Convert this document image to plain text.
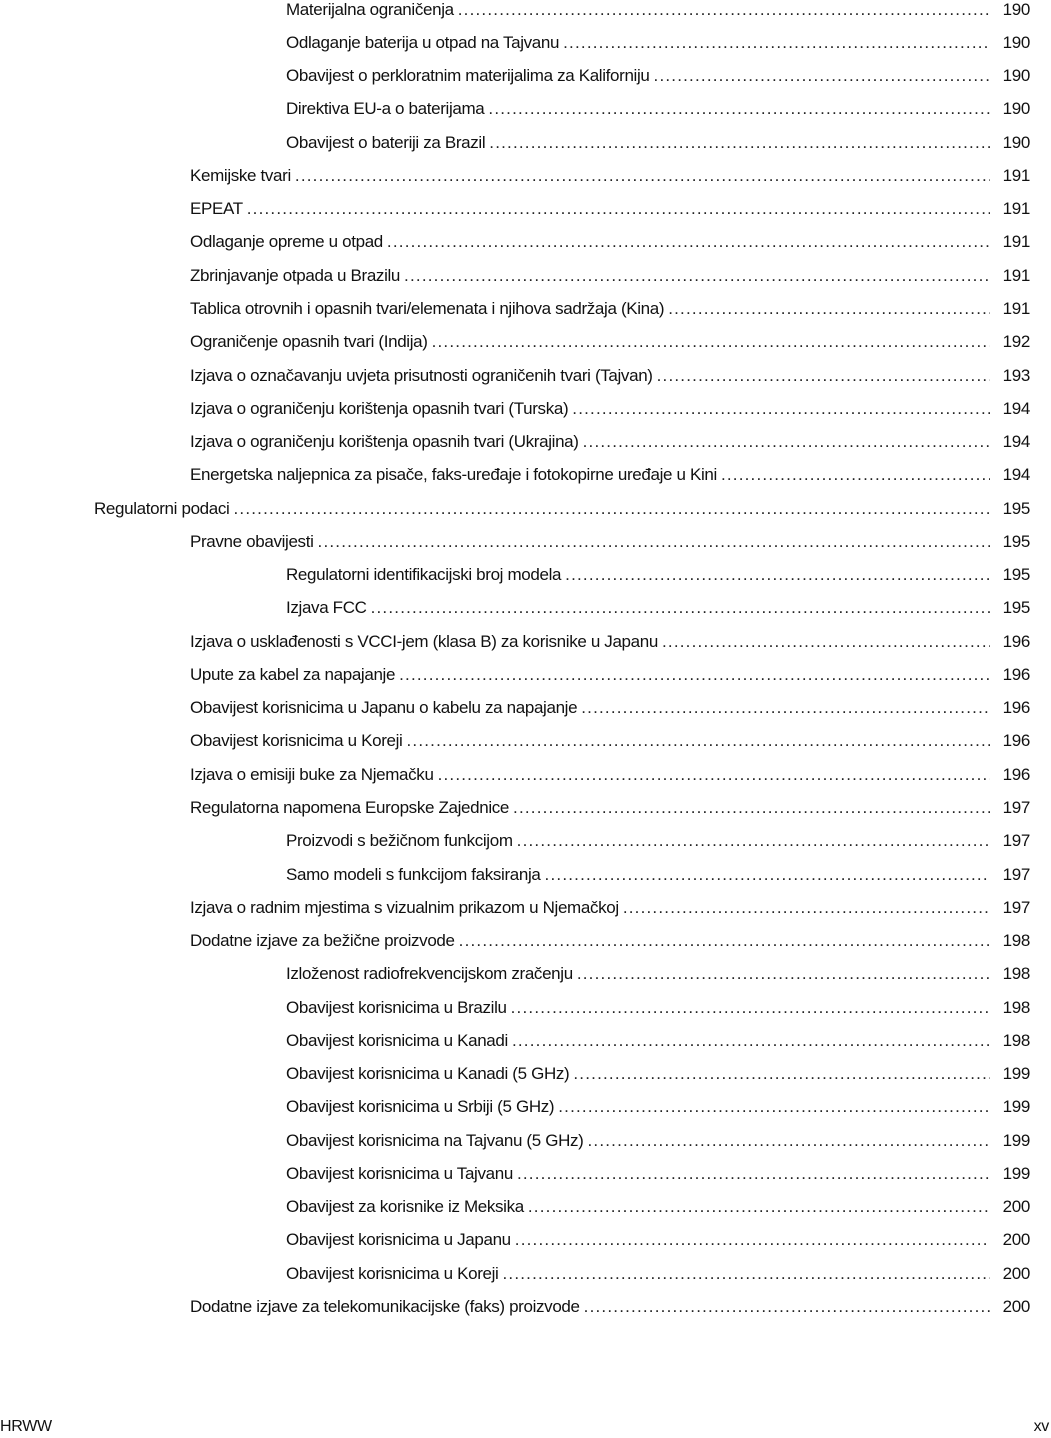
Materijalna ograničenja .....	190
Odlaganje baterija u otpad na Tajvanu .....	190
Obavijest o perkloratnim materijalima za Kaliforniju .....	190
Direktiva EU-a o baterijama .....	190
Obavijest o bateriji za Brazil .....	190
Kemijske tvari .....	191
EPEAT .....	191
Odlaganje opreme u otpad .....	191
Zbrinjavanje otpada u Brazilu .....	191
Tablica otrovnih i opasnih tvari/elemenata i njihova sadržaja (Kina) .....	191
Ograničenje opasnih tvari (Indija) .....	192
Izjava o označavanju uvjeta prisutnosti ograničenih tvari (Tajvan) .....	193
Izjava o ograničenju korištenja opasnih tvari (Turska) .....	194
Izjava o ograničenju korištenja opasnih tvari (Ukrajina) .....	194
Energetska naljepnica za pisače, faks-uređaje i fotokopirne uređaje u Kini .....	194
Regulatorni podaci .....	195
Pravne obavijesti .....	195
Regulatorni identifikacijski broj modela .....	195
Izjava FCC .....	195
Izjava o usklađenosti s VCCI-jem (klasa B) za korisnike u Japanu .....	196
Upute za kabel za napajanje .....	196
Obavijest korisnicima u Japanu o kabelu za napajanje .....	196
Obavijest korisnicima u Koreji .....	196
Izjava o emisiji buke za Njemačku .....	196
Regulatorna napomena Europske Zajednice .....	197
Proizvodi s bežičnom funkcijom .....	197
Samo modeli s funkcijom faksiranja .....	197
Izjava o radnim mjestima s vizualnim prikazom u Njemačkoj .....	197
Dodatne izjave za bežične proizvode .....	198
Izloženost radiofrekvencijskom zračenju .....	198
Obavijest korisnicima u Brazilu .....	198
Obavijest korisnicima u Kanadi .....	198
Obavijest korisnicima u Kanadi (5 GHz) .....	199
Obavijest korisnicima u Srbiji (5 GHz) .....	199
Obavijest korisnicima na Tajvanu (5 GHz) .....	199
Obavijest korisnicima u Tajvanu .....	199
Obavijest za korisnike iz Meksika .....	200
Obavijest korisnicima u Japanu .....	200
Obavijest korisnicima u Koreji .....	200
Dodatne izjave za telekomunikacijske (faks) proizvode .....	200
HRWW	xv
